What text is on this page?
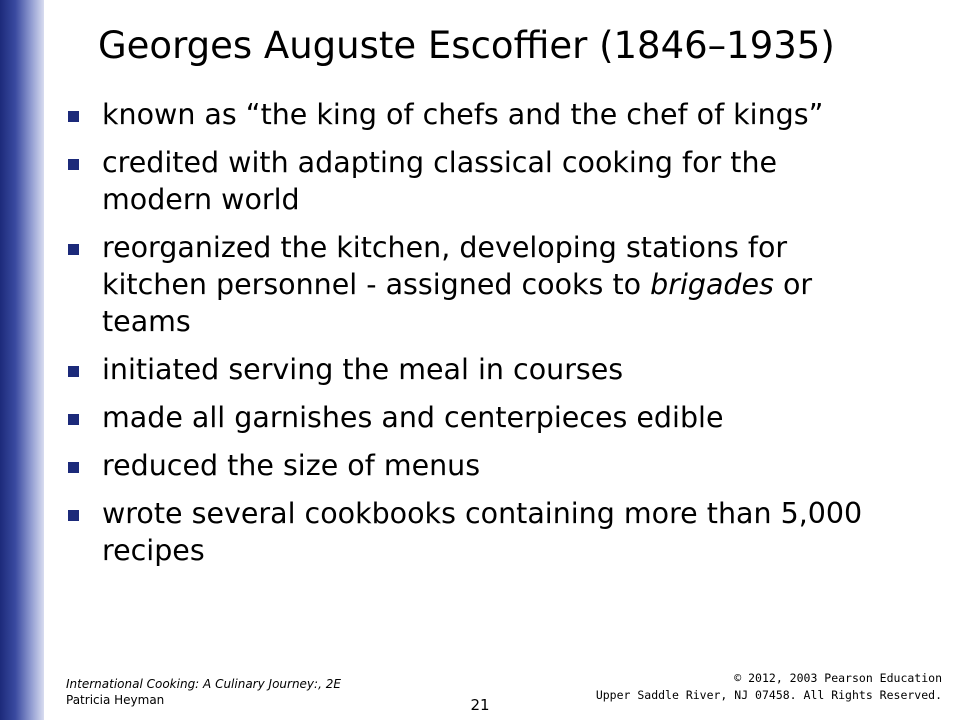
Georges Auguste Escoffier (1846–1935)
known as “the king of chefs and the chef of kings”
credited with adapting classical cooking for the modern world
reorganized the kitchen, developing stations for kitchen personnel - assigned cooks to brigades or teams
initiated serving the meal in courses
made all garnishes and centerpieces edible
reduced the size of menus
wrote several cookbooks containing more than 5,000 recipes
International Cooking: A Culinary Journey:, 2E
Patricia Heyman	21
© 2012, 2003 Pearson Education
Upper Saddle River, NJ 07458. All Rights Reserved.
